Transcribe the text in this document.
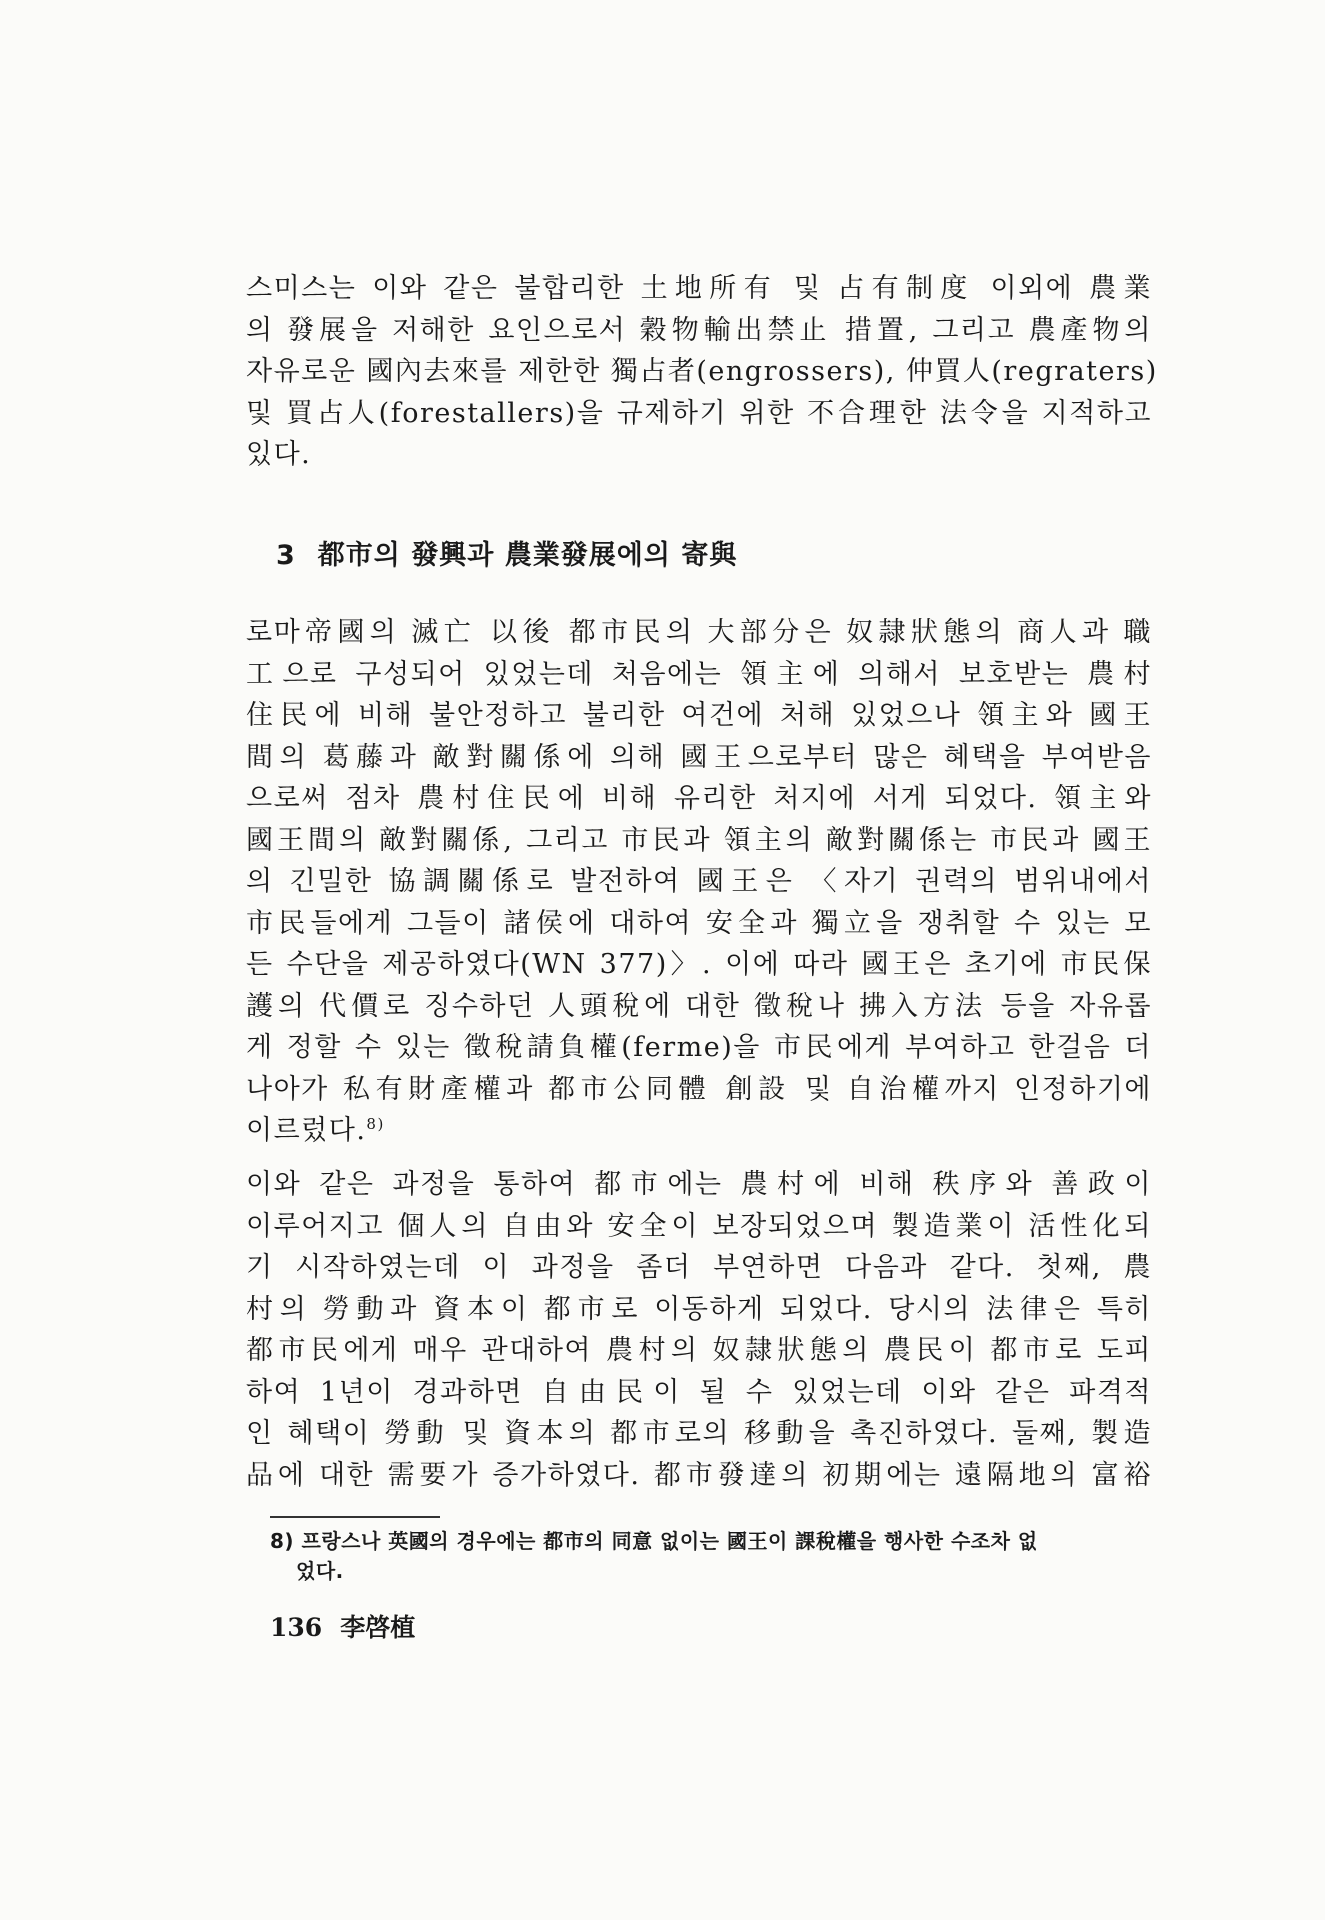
스미스는 이와 같은 불합리한 土地所有 및 占有制度 이외에 農業
의 發展을 저해한 요인으로서 穀物輸出禁止 措置, 그리고 農產物의
자유로운 國內去來를 제한한 獨占者(engrossers), 仲買人(regraters)
및 買占人(forestallers)을 규제하기 위한 不合理한 法令을 지적하고
있다.
3 都市의 發興과 農業發展에의 寄與
로마帝國의 滅亡 以後 都市民의 大部分은 奴隷狀態의 商人과 職
工으로 구성되어 있었는데 처음에는 領主에 의해서 보호받는 農村
住民에 비해 불안정하고 불리한 여건에 처해 있었으나 領主와 國王
間의 葛藤과 敵對關係에 의해 國王으로부터 많은 혜택을 부여받음
으로써 점차 農村住民에 비해 유리한 처지에 서게 되었다. 領主와
國王間의 敵對關係, 그리고 市民과 領主의 敵對關係는 市民과 國王
의 긴밀한 協調關係로 발전하여 國王은 〈자기 권력의 범위내에서
市民들에게 그들이 諸侯에 대하여 安全과 獨立을 쟁취할 수 있는 모
든 수단을 제공하였다(WN 377)〉. 이에 따라 國王은 초기에 市民保
護의 代價로 징수하던 人頭稅에 대한 徵稅나 拂入方法 등을 자유롭
게 정할 수 있는 徵稅請負權(ferme)을 市民에게 부여하고 한걸음 더
나아가 私有財產權과 都市公同體 創設 및 自治權까지 인정하기에
이르렀다.$^{8)}$
이와 같은 과정을 통하여 都市에는 農村에 비해 秩序와 善政이
이루어지고 個人의 自由와 安全이 보장되었으며 製造業이 活性化되
기 시작하였는데 이 과정을 좀더 부연하면 다음과 같다. 첫째, 農
村의 勞動과 資本이 都市로 이동하게 되었다. 당시의 法律은 특히
都市民에게 매우 관대하여 農村의 奴隷狀態의 農民이 都市로 도피
하여 1년이 경과하면 自由民이 될 수 있었는데 이와 같은 파격적
인 혜택이 勞動 및 資本의 都市로의 移動을 촉진하였다. 둘째, 製造
品에 대한 需要가 증가하였다. 都市發達의 初期에는 遠隔地의 富裕
8) 프랑스나 英國의 경우에는 都市의 同意 없이는 國王이 課稅權을 행사한 수조차 없
었다.
136 李啓植
